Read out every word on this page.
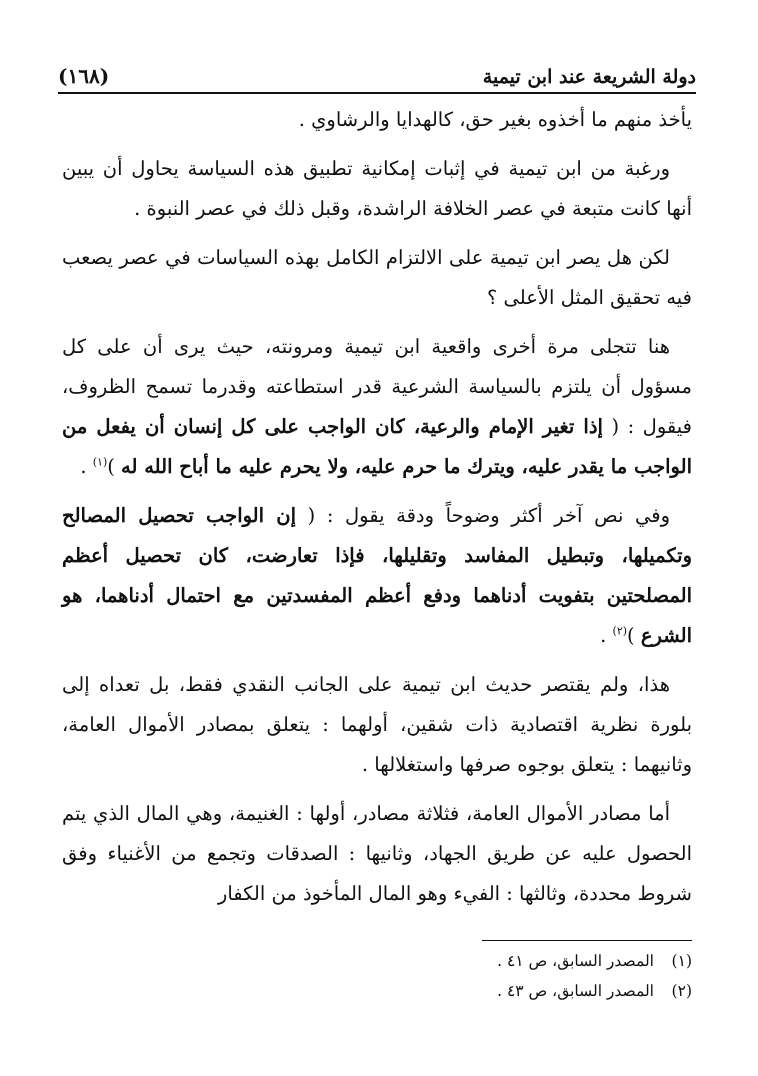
دولة الشريعة عند ابن تيمية
(١٦٨)

يأخذ منهم ما أخذوه بغير حق، كالهدايا والرشاوي .

ورغبة من ابن تيمية في إثبات إمكانية تطبيق هذه السياسة يحاول أن يبين أنها كانت متبعة في عصر الخلافة الراشدة، وقبل ذلك في عصر النبوة .

لكن هل يصر ابن تيمية على الالتزام الكامل بهذه السياسات في عصر يصعب فيه تحقيق المثل الأعلى ؟

هنا تتجلى مرة أخرى واقعية ابن تيمية ومرونته، حيث يرى أن على كل مسؤول أن يلتزم بالسياسة الشرعية قدر استطاعته وقدرما تسمح الظروف، فيقول : ( إذا تغير الإمام والرعية، كان الواجب على كل إنسان أن يفعل من الواجب ما يقدر عليه، ويترك ما حرم عليه، ولا يحرم عليه ما أباح الله له )$^{(١)}$ .

وفي نص آخر أكثر وضوحاً ودقة يقول : ( إن الواجب تحصيل المصالح وتكميلها، وتبطيل المفاسد وتقليلها، فإذا تعارضت، كان تحصيل أعظم المصلحتين بتفويت أدناهما ودفع أعظم المفسدتين مع احتمال أدناهما، هو الشرع )$^{(٢)}$ .

هذا، ولم يقتصر حديث ابن تيمية على الجانب النقدي فقط، بل تعداه إلى بلورة نظرية اقتصادية ذات شقين، أولهما : يتعلق بمصادر الأموال العامة، وثانيهما : يتعلق بوجوه صرفها واستغلالها .

أما مصادر الأموال العامة، فثلاثة مصادر، أولها : الغنيمة، وهي المال الذي يتم الحصول عليه عن طريق الجهاد، وثانيها : الصدقات وتجمع من الأغنياء وفق شروط محددة، وثالثها : الفيء وهو المال المأخوذ من الكفار

(١)
المصدر السابق، ص ٤١ .
(٢)
المصدر السابق، ص ٤٣ .
